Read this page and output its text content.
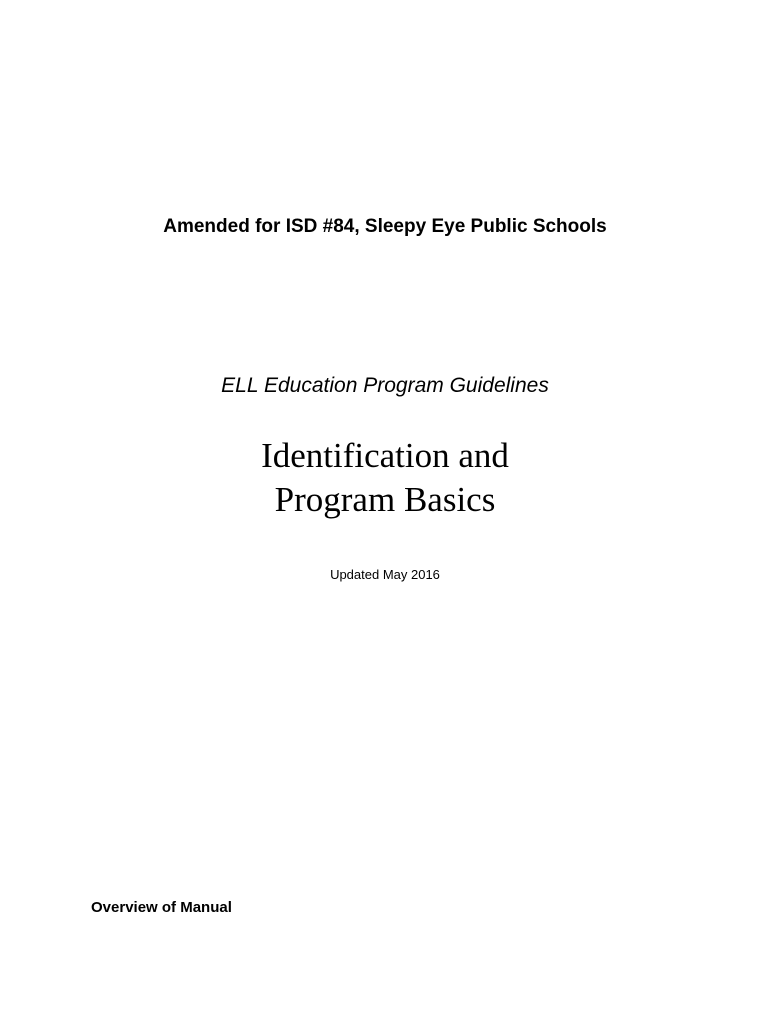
Amended for ISD #84, Sleepy Eye Public Schools
ELL Education Program Guidelines
Identification and
Program Basics
Updated May 2016
Overview of Manual
